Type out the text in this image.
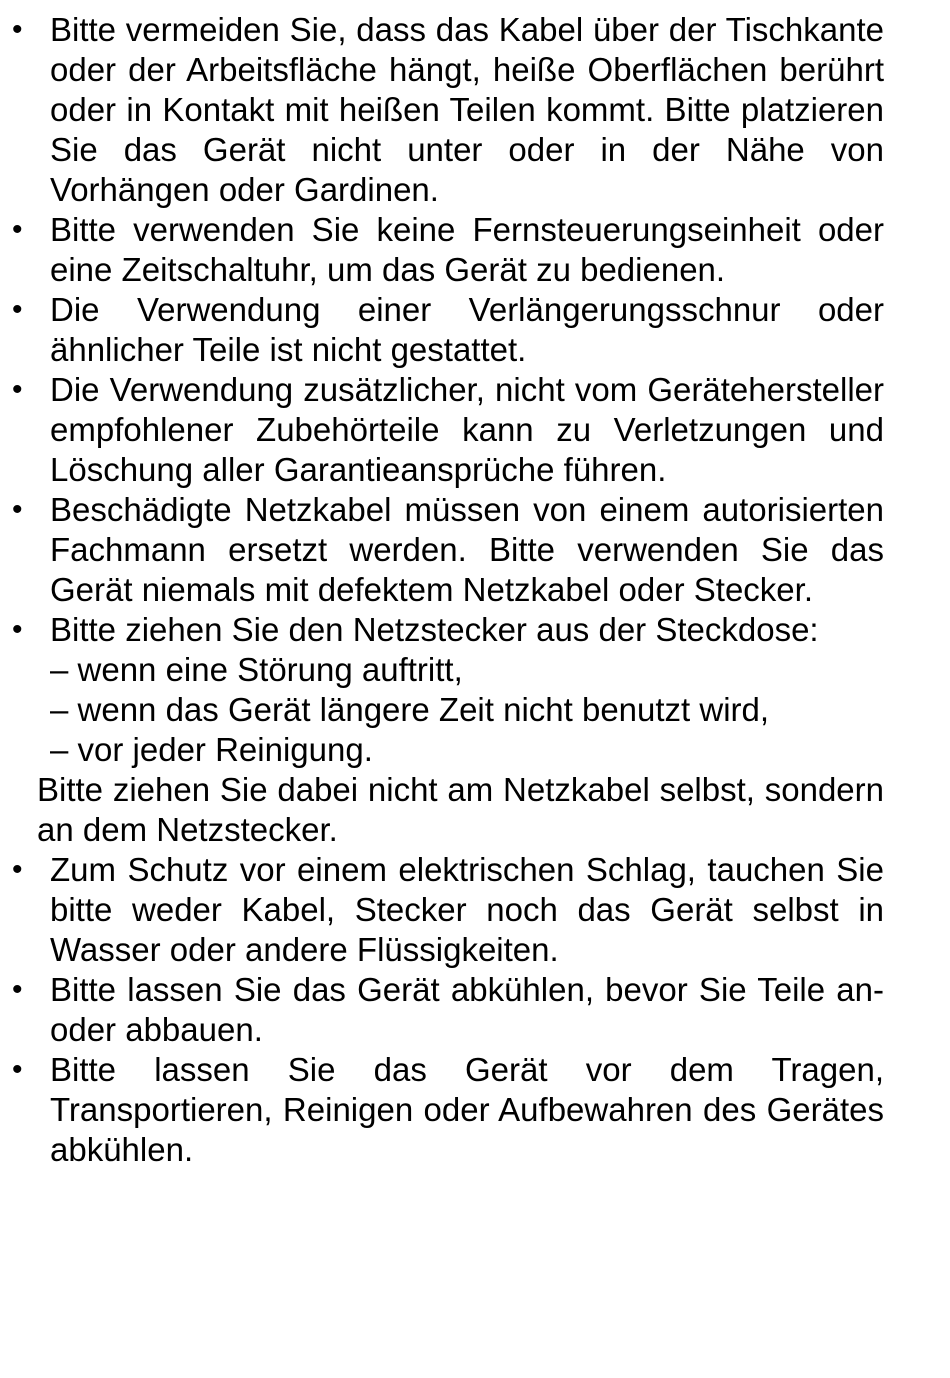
• Bitte vermeiden Sie, dass das Kabel über der Tischkante oder der Arbeitsfläche hängt, heiße Oberflächen berührt oder in Kontakt mit heißen Teilen kommt. Bitte platzieren Sie das Gerät nicht unter oder in der Nähe von Vorhängen oder Gardinen.
• Bitte verwenden Sie keine Fernsteuerungseinheit oder eine Zeitschaltuhr, um das Gerät zu bedienen.
• Die Verwendung einer Verlängerungsschnur oder ähnlicher Teile ist nicht gestattet.
• Die Verwendung zusätzlicher, nicht vom Gerätehersteller empfohlener Zubehörteile kann zu Verletzungen und Löschung aller Garantieansprüche führen.
• Beschädigte Netzkabel müssen von einem autorisierten Fachmann ersetzt werden. Bitte verwenden Sie das Gerät niemals mit defektem Netzkabel oder Stecker.
• Bitte ziehen Sie den Netzstecker aus der Steckdose:
– wenn eine Störung auftritt,
– wenn das Gerät längere Zeit nicht benutzt wird,
– vor jeder Reinigung.
Bitte ziehen Sie dabei nicht am Netzkabel selbst, sondern an dem Netzstecker.
• Zum Schutz vor einem elektrischen Schlag, tauchen Sie bitte weder Kabel, Stecker noch das Gerät selbst in Wasser oder andere Flüssigkeiten.
• Bitte lassen Sie das Gerät abkühlen, bevor Sie Teile an- oder abbauen.
• Bitte lassen Sie das Gerät vor dem Tragen, Transportieren, Reinigen oder Aufbewahren des Gerätes abkühlen.
